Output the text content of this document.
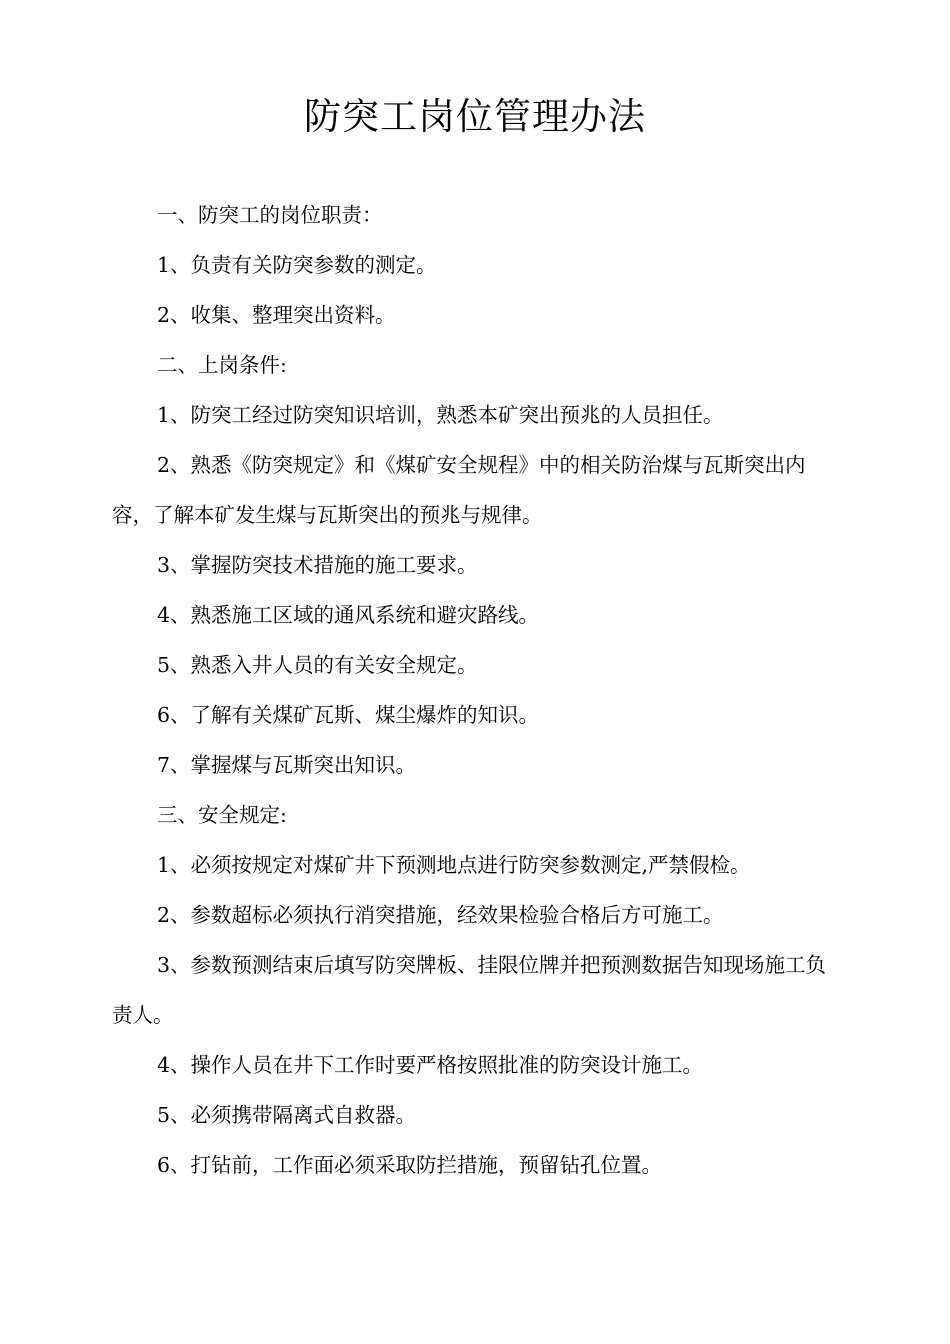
防突工岗位管理办法

一、防突工的岗位职责：

1、负责有关防突参数的测定。

2、收集、整理突出资料。

二、上岗条件:

1、防突工经过防突知识培训，熟悉本矿突出预兆的人员担任。

2、熟悉《防突规定》和《煤矿安全规程》中的相关防治煤与瓦斯突出内容，了解本矿发生煤与瓦斯突出的预兆与规律。

3、掌握防突技术措施的施工要求。

4、熟悉施工区域的通风系统和避灾路线。

5、熟悉入井人员的有关安全规定。

6、了解有关煤矿瓦斯、煤尘爆炸的知识。

7、掌握煤与瓦斯突出知识。

三、安全规定:

1、必须按规定对煤矿井下预测地点进行防突参数测定,严禁假检。

2、参数超标必须执行消突措施，经效果检验合格后方可施工。

3、参数预测结束后填写防突牌板、挂限位牌并把预测数据告知现场施工负责人。

4、操作人员在井下工作时要严格按照批准的防突设计施工。

5、必须携带隔离式自救器。

6、打钻前，工作面必须采取防拦措施，预留钻孔位置。
